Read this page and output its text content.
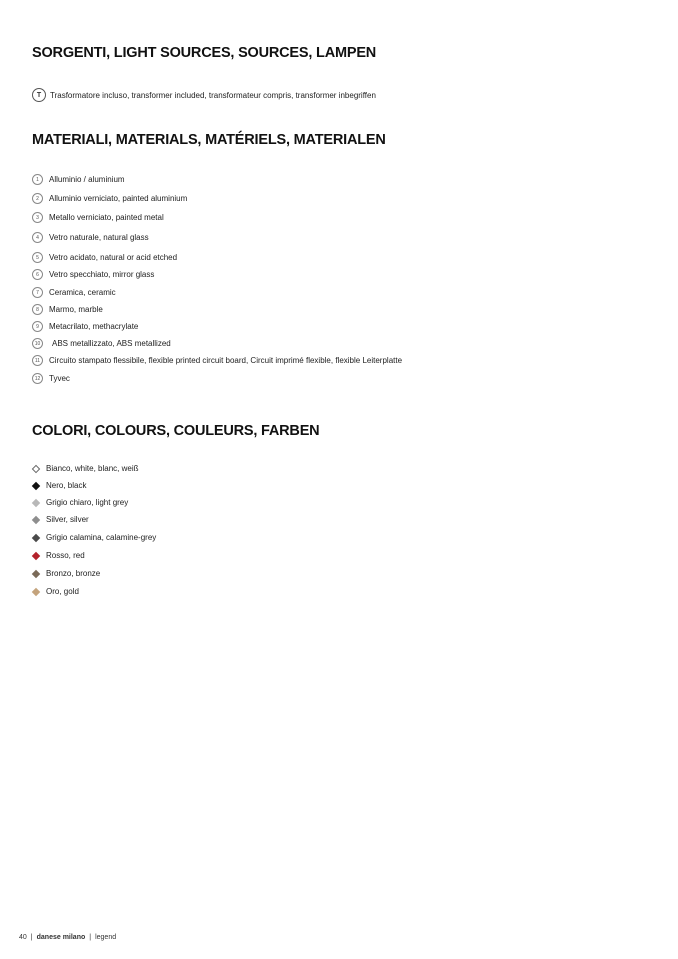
SORGENTI, LIGHT SOURCES, SOURCES, LAMPEN
T	Trasformatore incluso, transformer included, transformateur compris, transformer inbegriffen
MATERIALI, MATERIALS, MATÉRIELS, MATERIALEN
1	Alluminio / aluminium
2	Alluminio verniciato, painted aluminium
3	Metallo verniciato, painted metal
4	Vetro naturale, natural glass
5	Vetro acidato, natural or acid etched
6	Vetro specchiato, mirror glass
7	Ceramica, ceramic
8	Marmo, marble
9	Metacrilato, methacrylate
10	ABS metallizzato, ABS metallized
11	Circuito stampato flessibile, flexible printed circuit board, Circuit imprimé flexible, flexible Leiterplatte
12	Tyvec
COLORI, COLOURS, COULEURS, FARBEN
Bianco, white, blanc, weiß
Nero, black
Grigio chiaro, light grey
Silver, silver
Grigio calamina, calamine-grey
Rosso, red
Bronzo, bronze
Oro, gold
40 | danese milano | legend
